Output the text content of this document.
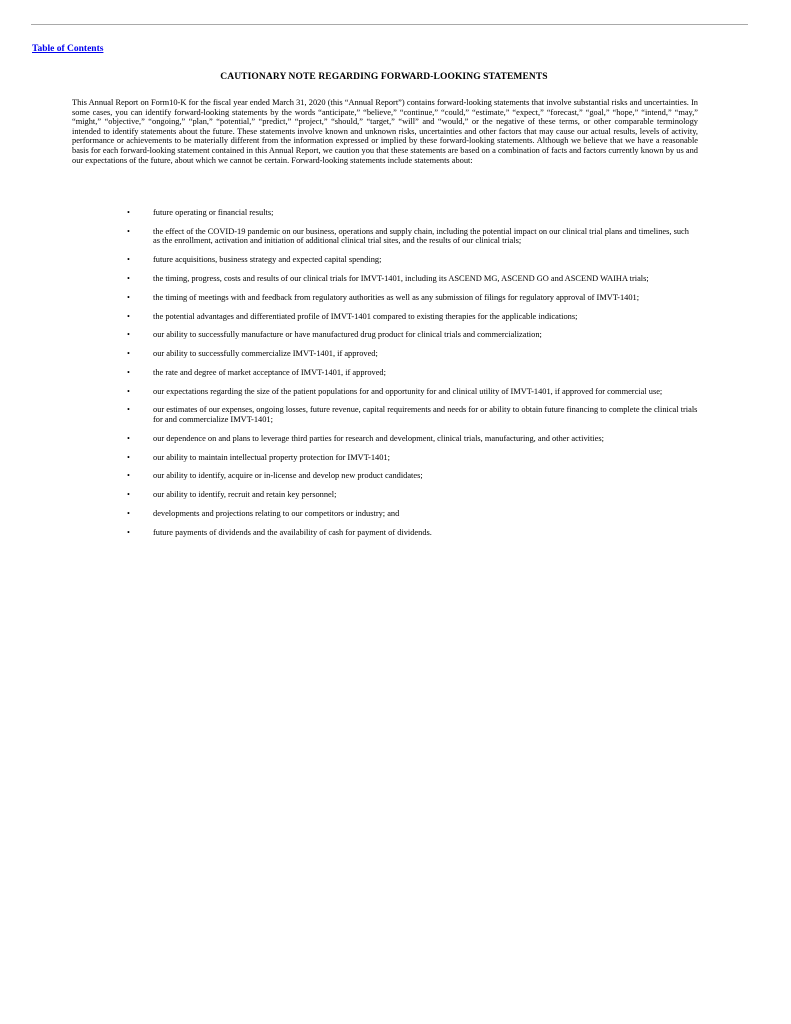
Table of Contents
CAUTIONARY NOTE REGARDING FORWARD-LOOKING STATEMENTS

This Annual Report on Form10-K for the fiscal year ended March 31, 2020 (this “Annual Report”) contains forward-looking statements that involve substantial risks and uncertainties. In some cases, you can identify forward-looking statements by the words “anticipate,” “believe,” “continue,” “could,” “estimate,” “expect,” “forecast,” “goal,” “hope,” “intend,” “may,” “might,” “objective,” “ongoing,” “plan,” “potential,” “predict,” “project,” “should,” “target,” “will” and “would,” or the negative of these terms, or other comparable terminology intended to identify statements about the future. These statements involve known and unknown risks, uncertainties and other factors that may cause our actual results, levels of activity, performance or achievements to be materially different from the information expressed or implied by these forward-looking statements. Although we believe that we have a reasonable basis for each forward-looking statement contained in this Annual Report, we caution you that these statements are based on a combination of facts and factors currently known by us and our expectations of the future, about which we cannot be certain. Forward-looking statements include statements about:

•	future operating or financial results;
•	the effect of the COVID-19 pandemic on our business, operations and supply chain, including the potential impact on our clinical trial plans and timelines, such as the enrollment, activation and initiation of additional clinical trial sites, and the results of our clinical trials;
•	future acquisitions, business strategy and expected capital spending;
•	the timing, progress, costs and results of our clinical trials for IMVT-1401, including its ASCEND MG, ASCEND GO and ASCEND WAIHA trials;
•	the timing of meetings with and feedback from regulatory authorities as well as any submission of filings for regulatory approval of IMVT-1401;
•	the potential advantages and differentiated profile of IMVT-1401 compared to existing therapies for the applicable indications;
•	our ability to successfully manufacture or have manufactured drug product for clinical trials and commercialization;
•	our ability to successfully commercialize IMVT-1401, if approved;
•	the rate and degree of market acceptance of IMVT-1401, if approved;
•	our expectations regarding the size of the patient populations for and opportunity for and clinical utility of IMVT-1401, if approved for commercial use;
•	our estimates of our expenses, ongoing losses, future revenue, capital requirements and needs for or ability to obtain future financing to complete the clinical trials for and commercialize IMVT-1401;
•	our dependence on and plans to leverage third parties for research and development, clinical trials, manufacturing, and other activities;
•	our ability to maintain intellectual property protection for IMVT-1401;
•	our ability to identify, acquire or in-license and develop new product candidates;
•	our ability to identify, recruit and retain key personnel;
•	developments and projections relating to our competitors or industry; and
•	future payments of dividends and the availability of cash for payment of dividends.
